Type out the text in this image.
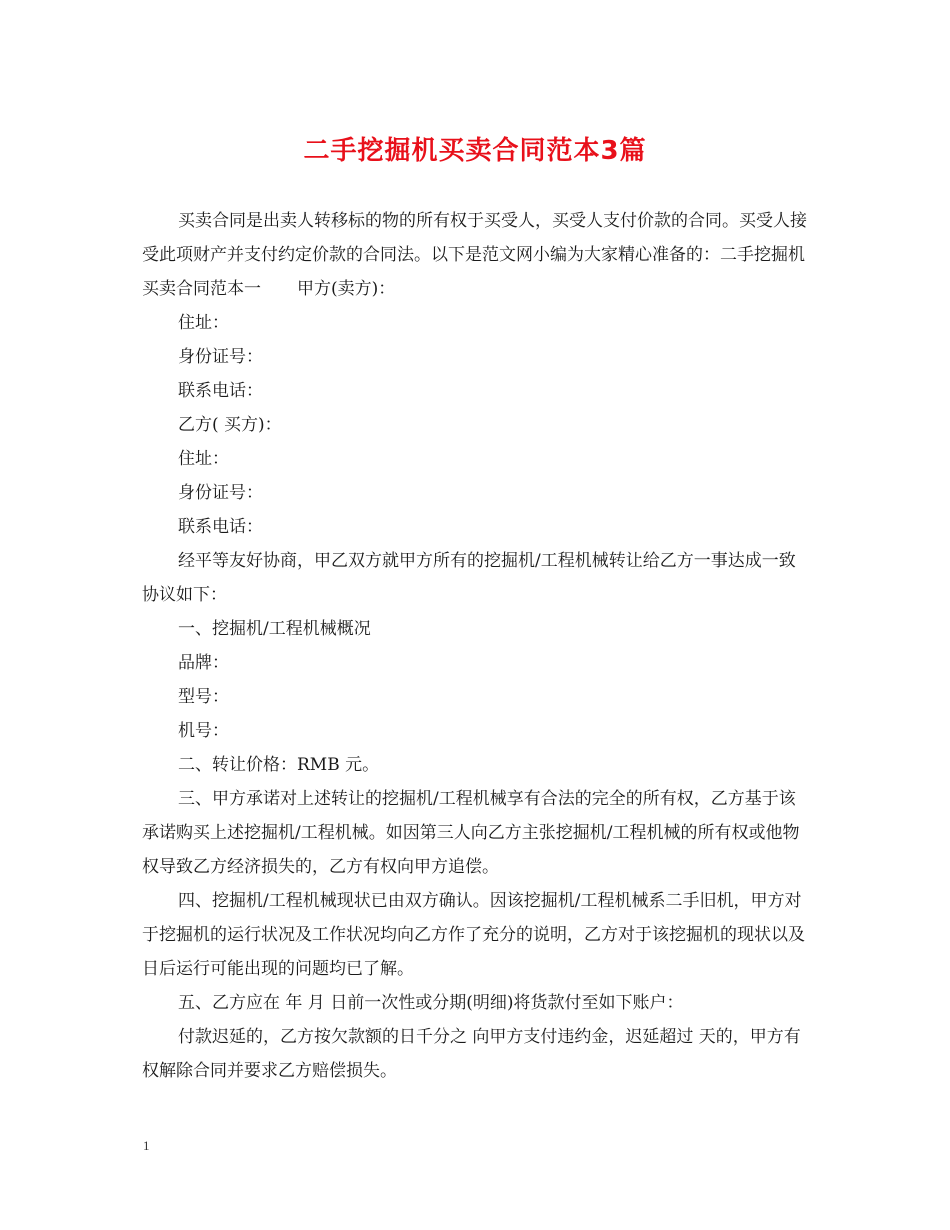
二手挖掘机买卖合同范本3篇

买卖合同是出卖人转移标的物的所有权于买受人，买受人支付价款的合同。买受人接受此项财产并支付约定价款的合同法。以下是范文网小编为大家精心准备的：二手挖掘机买卖合同范本一 甲方(卖方)：

住址：

身份证号：

联系电话：

乙方( 买方)：

住址：

身份证号：

联系电话：

经平等友好协商，甲乙双方就甲方所有的挖掘机/工程机械转让给乙方一事达成一致协议如下：

一、挖掘机/工程机械概况

品牌：

型号：

机号：

二、转让价格：RMB 元。

三、甲方承诺对上述转让的挖掘机/工程机械享有合法的完全的所有权，乙方基于该承诺购买上述挖掘机/工程机械。如因第三人向乙方主张挖掘机/工程机械的所有权或他物权导致乙方经济损失的，乙方有权向甲方追偿。

四、挖掘机/工程机械现状已由双方确认。因该挖掘机/工程机械系二手旧机，甲方对于挖掘机的运行状况及工作状况均向乙方作了充分的说明，乙方对于该挖掘机的现状以及日后运行可能出现的问题均已了解。

五、乙方应在 年 月 日前一次性或分期(明细)将货款付至如下账户：

付款迟延的，乙方按欠款额的日千分之 向甲方支付违约金，迟延超过 天的，甲方有权解除合同并要求乙方赔偿损失。

1
